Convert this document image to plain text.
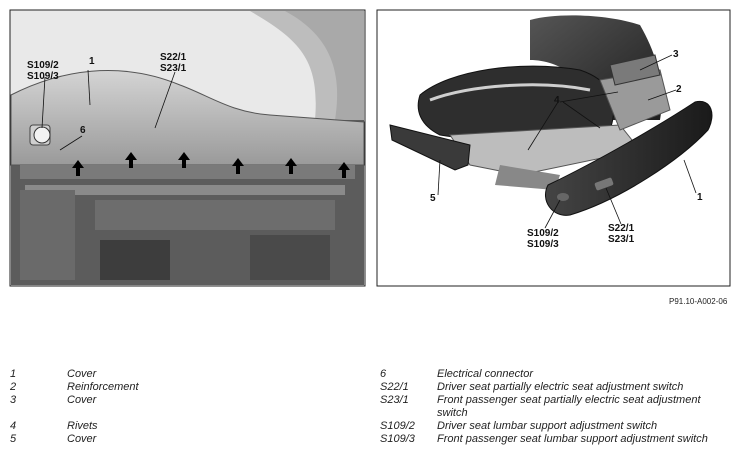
S109/2 S109/3
1	S22/1 S23/1
6
3
2
4
5	1
S109/2 S109/3
S22/1 S23/1
P91.10-A002-06
1	Cover
2	Reinforcement
3	Cover
4	Rivets
5	Cover
6	Electrical connector
S22/1	Driver seat partially electric seat adjustment switch
S23/1	Front passenger seat partially electric seat adjustment switch
S109/2	Driver seat lumbar support adjustment switch
S109/3	Front passenger seat lumbar support adjustment switch
